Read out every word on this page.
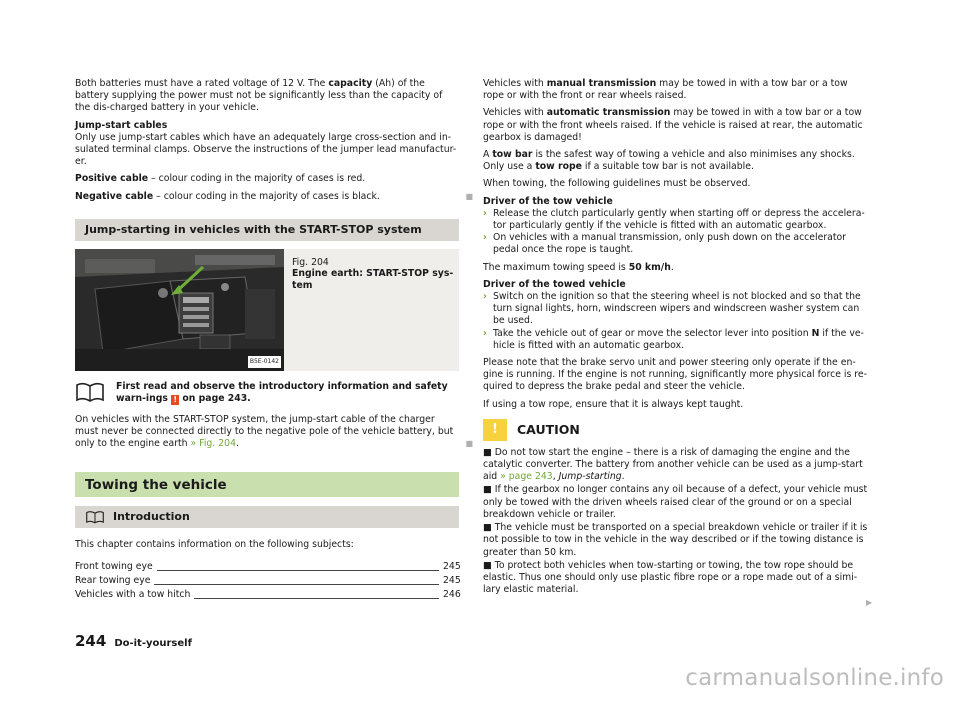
Both batteries must have a rated voltage of 12 V. The capacity (Ah) of the battery supplying the power must not be significantly less than the capacity of the dis-charged battery in your vehicle.

Jump-start cables
Only use jump-start cables which have an adequately large cross-section and in-sulated terminal clamps. Observe the instructions of the jumper lead manufactur-er.

Positive cable – colour coding in the majority of cases is red.

Negative cable – colour coding in the majority of cases is black.	■

Jump-starting in vehicles with the START-STOP system
B5E-0142
Fig. 204
Engine earth: START-STOP sys-tem
First read and observe the introductory information and safety warn-ings ! on page 243.

On vehicles with the START-STOP system, the jump-start cable of the charger must never be connected directly to the negative pole of the vehicle battery, but only to the engine earth » Fig. 204.	■

Towing the vehicle
Introduction

This chapter contains information on the following subjects:

Front towing eye	245
Rear towing eye	245
Vehicles with a tow hitch	246

Vehicles with manual transmission may be towed in with a tow bar or a tow rope or with the front or rear wheels raised.

Vehicles with automatic transmission may be towed in with a tow bar or a tow rope or with the front wheels raised. If the vehicle is raised at rear, the automatic gearbox is damaged!

A tow bar is the safest way of towing a vehicle and also minimises any shocks. Only use a tow rope if a suitable tow bar is not available.

When towing, the following guidelines must be observed.

Driver of the tow vehicle
› Release the clutch particularly gently when starting off or depress the accelera-tor particularly gently if the vehicle is fitted with an automatic gearbox.
› On vehicles with a manual transmission, only push down on the accelerator pedal once the rope is taught.

The maximum towing speed is 50 km/h.

Driver of the towed vehicle
› Switch on the ignition so that the steering wheel is not blocked and so that the turn signal lights, horn, windscreen wipers and windscreen washer system can be used.
› Take the vehicle out of gear or move the selector lever into position N if the ve-hicle is fitted with an automatic gearbox.

Please note that the brake servo unit and power steering only operate if the en-gine is running. If the engine is not running, significantly more physical force is re-quired to depress the brake pedal and steer the vehicle.

If using a tow rope, ensure that it is always kept taught.

!	CAUTION

■ Do not tow start the engine – there is a risk of damaging the engine and the catalytic converter. The battery from another vehicle can be used as a jump-start aid » page 243, Jump-starting.

■ If the gearbox no longer contains any oil because of a defect, your vehicle must only be towed with the driven wheels raised clear of the ground or on a special breakdown vehicle or trailer.

■ The vehicle must be transported on a special breakdown vehicle or trailer if it is not possible to tow in the vehicle in the way described or if the towing distance is greater than 50 km.

■ To protect both vehicles when tow-starting or towing, the tow rope should be elastic. Thus one should only use plastic fibre rope or a rope made out of a simi-lary elastic material.

▶
244 Do-it-yourself
carmanualsonline.info
